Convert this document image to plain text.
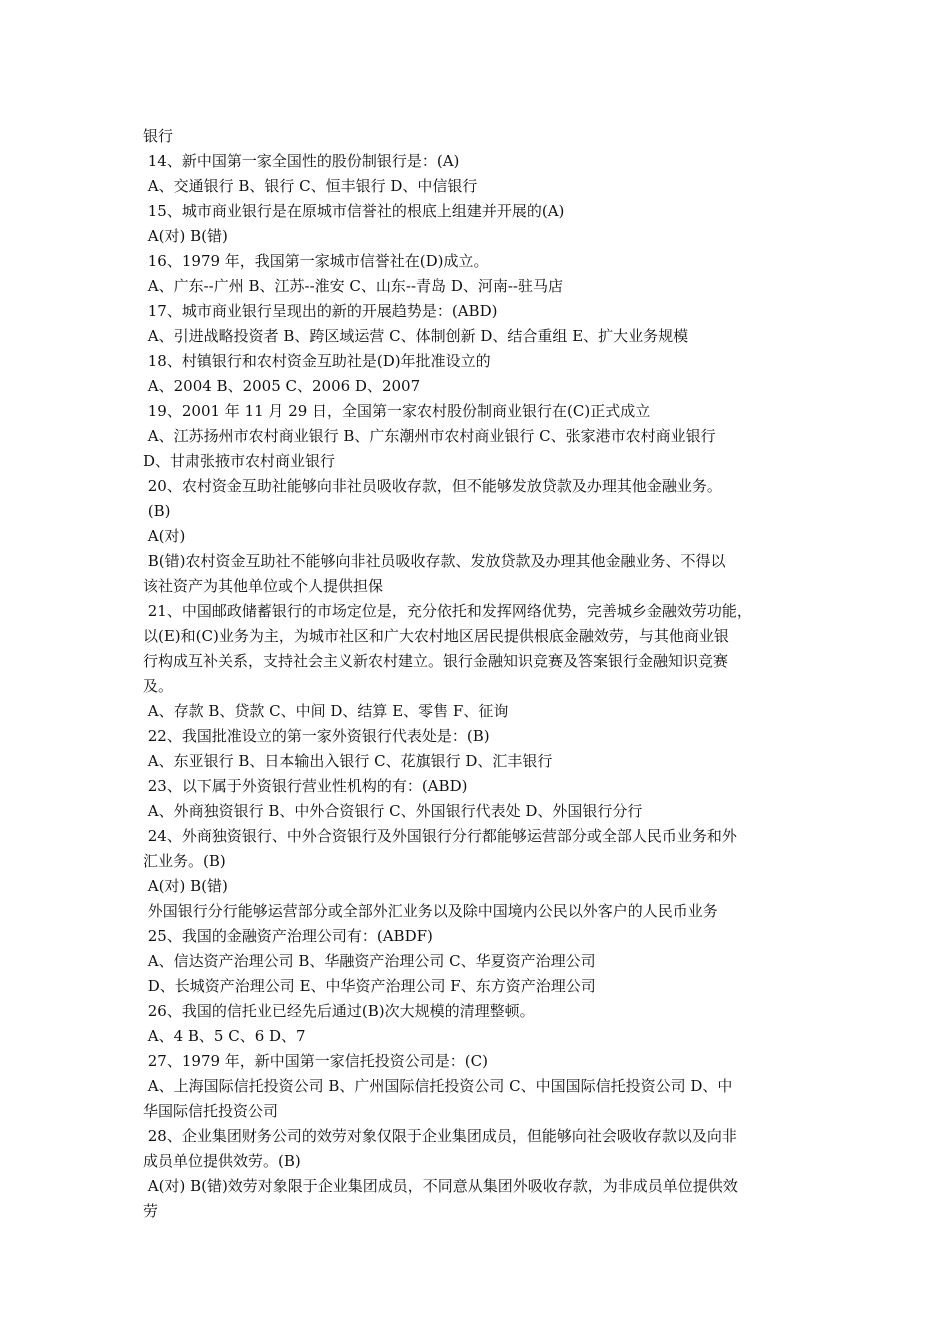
银行
14、新中国第一家全国性的股份制银行是：(A)
A、交通银行 B、银行 C、恒丰银行 D、中信银行
15、城市商业银行是在原城市信誉社的根底上组建并开展的(A)
A(对) B(错)
16、1979 年，我国第一家城市信誉社在(D)成立。
A、广东--广州 B、江苏--淮安 C、山东--青岛 D、河南--驻马店
17、城市商业银行呈现出的新的开展趋势是：(ABD)
A、引进战略投资者 B、跨区域运营 C、体制创新 D、结合重组 E、扩大业务规模
18、村镇银行和农村资金互助社是(D)年批准设立的
A、2004 B、2005 C、2006 D、2007
19、2001 年 11 月 29 日，全国第一家农村股份制商业银行在(C)正式成立
A、江苏扬州市农村商业银行 B、广东潮州市农村商业银行 C、张家港市农村商业银行
D、甘肃张掖市农村商业银行
20、农村资金互助社能够向非社员吸收存款，但不能够发放贷款及办理其他金融业务。
(B)
A(对)
B(错)农村资金互助社不能够向非社员吸收存款、发放贷款及办理其他金融业务、不得以
该社资产为其他单位或个人提供担保
21、中国邮政储蓄银行的市场定位是，充分依托和发挥网络优势，完善城乡金融效劳功能，
以(E)和(C)业务为主，为城市社区和广大农村地区居民提供根底金融效劳，与其他商业银
行构成互补关系，支持社会主义新农村建立。银行金融知识竞赛及答案银行金融知识竞赛
及。
A、存款 B、贷款 C、中间 D、结算 E、零售 F、征询
22、我国批准设立的第一家外资银行代表处是：(B)
A、东亚银行 B、日本输出入银行 C、花旗银行 D、汇丰银行
23、以下属于外资银行营业性机构的有：(ABD)
A、外商独资银行 B、中外合资银行 C、外国银行代表处 D、外国银行分行
24、外商独资银行、中外合资银行及外国银行分行都能够运营部分或全部人民币业务和外
汇业务。(B)
A(对) B(错)
外国银行分行能够运营部分或全部外汇业务以及除中国境内公民以外客户的人民币业务
25、我国的金融资产治理公司有：(ABDF)
A、信达资产治理公司 B、华融资产治理公司 C、华夏资产治理公司
D、长城资产治理公司 E、中华资产治理公司 F、东方资产治理公司
26、我国的信托业已经先后通过(B)次大规模的清理整顿。
A、4 B、5 C、6 D、7
27、1979 年，新中国第一家信托投资公司是：(C)
A、上海国际信托投资公司 B、广州国际信托投资公司 C、中国国际信托投资公司 D、中
华国际信托投资公司
28、企业集团财务公司的效劳对象仅限于企业集团成员，但能够向社会吸收存款以及向非
成员单位提供效劳。(B)
A(对) B(错)效劳对象限于企业集团成员，不同意从集团外吸收存款，为非成员单位提供效
劳
